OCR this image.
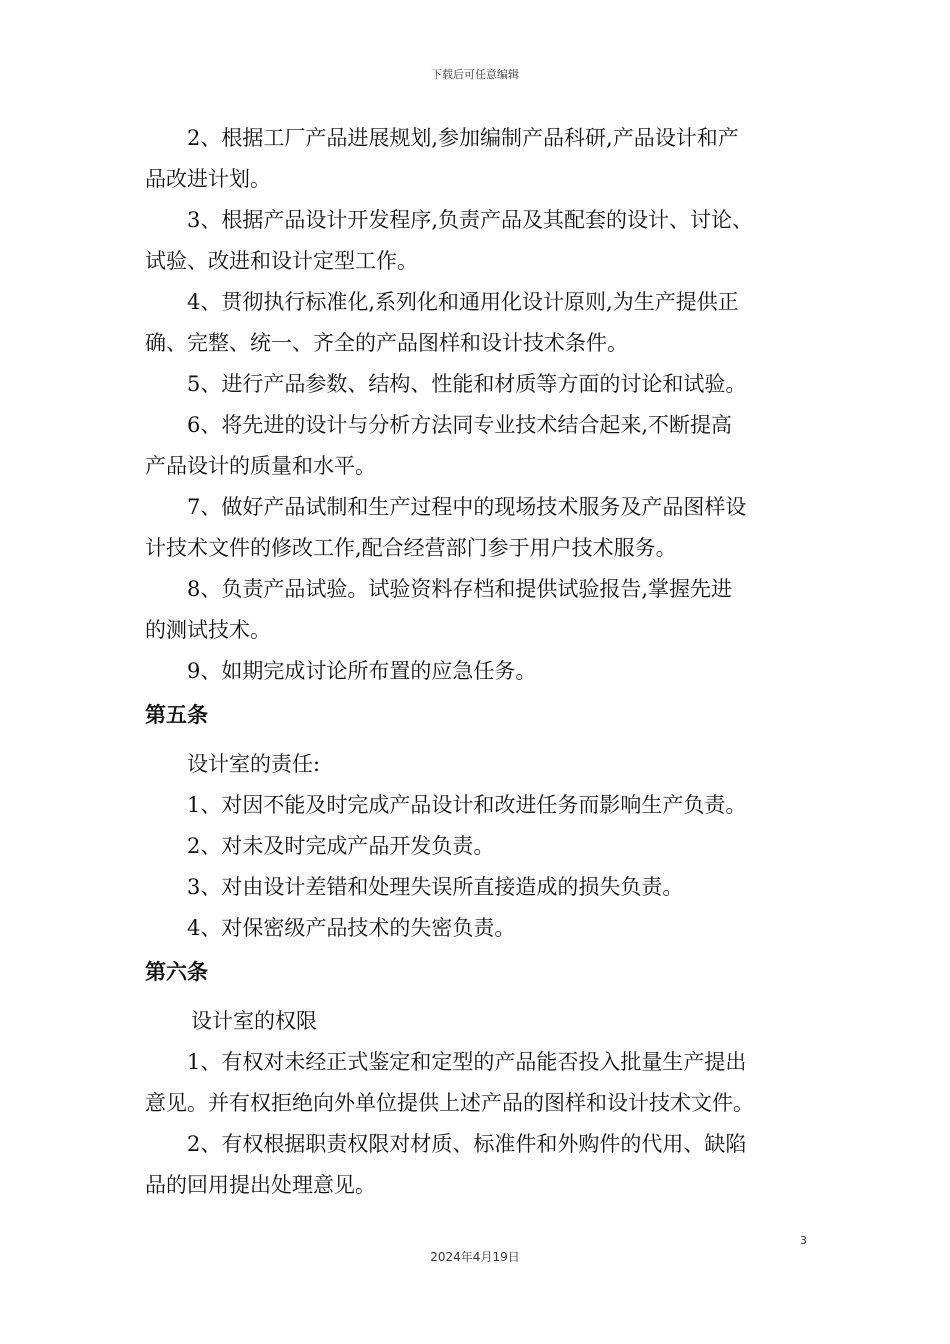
下载后可任意编辑
2、根据工厂产品进展规划,参加编制产品科研,产品设计和产
品改进计划。
3、根据产品设计开发程序,负责产品及其配套的设计、讨论、
试验、改进和设计定型工作。
4、贯彻执行标准化,系列化和通用化设计原则,为生产提供正
确、完整、统一、齐全的产品图样和设计技术条件。
5、进行产品参数、结构、性能和材质等方面的讨论和试验。
6、将先进的设计与分析方法同专业技术结合起来,不断提高
产品设计的质量和水平。
7、做好产品试制和生产过程中的现场技术服务及产品图样设
计技术文件的修改工作,配合经营部门参于用户技术服务。
8、负责产品试验。试验资料存档和提供试验报告,掌握先进
的测试技术。
9、如期完成讨论所布置的应急任务。
第五条
设计室的责任:
1、对因不能及时完成产品设计和改进任务而影响生产负责。
2、对未及时完成产品开发负责。
3、对由设计差错和处理失误所直接造成的损失负责。
4、对保密级产品技术的失密负责。
第六条
设计室的权限
1、有权对未经正式鉴定和定型的产品能否投入批量生产提出
意见。并有权拒绝向外单位提供上述产品的图样和设计技术文件。
2、有权根据职责权限对材质、标准件和外购件的代用、缺陷
品的回用提出处理意见。
3
2024年4月19日
